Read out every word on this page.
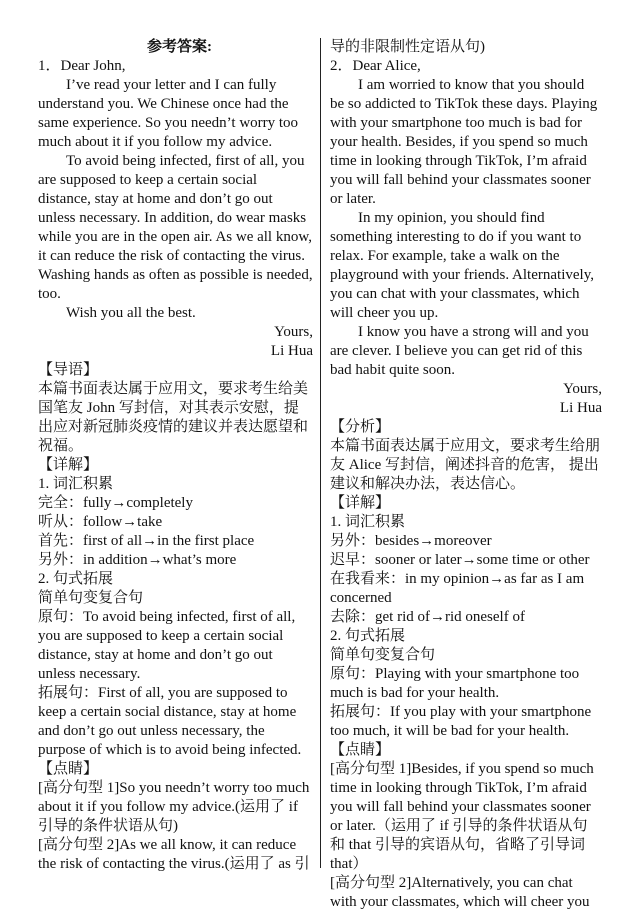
参考答案:

1．Dear John,

I’ve read your letter and I can fully understand you. We Chinese once had the same experience. So you needn’t worry too much about it if you follow my advice.

To avoid being infected, first of all, you are supposed to keep a certain social distance, stay at home and don’t go out unless necessary. In addition, do wear masks while you are in the open air. As we all know, it can reduce the risk of contacting the virus. Washing hands as often as possible is needed, too.

Wish you all the best.

Yours,

Li Hua

【导语】

本篇书面表达属于应用文，要求考生给美国笔友 John 写封信，对其表示安慰，提出应对新冠肺炎疫情的建议并表达愿望和祝福。

【详解】

1. 词汇积累

完全：fully→completely

听从：follow→take

首先：first of all→in the first place

另外：in addition→what’s more

2. 句式拓展

简单句变复合句

原句：To avoid being infected, first of all, you are supposed to keep a certain social distance, stay at home and don’t go out unless necessary.

拓展句：First of all, you are supposed to keep a certain social distance, stay at home and don’t go out unless necessary, the purpose of which is to avoid being infected.

【点睛】

[高分句型 1]So you needn’t worry too much about it if you follow my advice.(运用了 if 引导的条件状语从句)

[高分句型 2]As we all know, it can reduce the risk of contacting the virus.(运用了 as 引

导的非限制性定语从句)

2．Dear Alice,

I am worried to know that you should be so addicted to TikTok these days. Playing with your smartphone too much is bad for your health. Besides, if you spend so much time in looking through TikTok, I’m afraid you will fall behind your classmates sooner or later.

In my opinion, you should find something interesting to do if you want to relax. For example, take a walk on the playground with your friends. Alternatively, you can chat with your classmates, which will cheer you up.

I know you have a strong will and you are clever. I believe you can get rid of this bad habit quite soon.

Yours,

Li Hua

【分析】

本篇书面表达属于应用文，要求考生给朋友 Alice 写封信，阐述抖音的危害， 提出建议和解决办法，表达信心。

【详解】

1. 词汇积累

另外：besides→moreover

迟早：sooner or later→some time or other

在我看来：in my opinion→as far as I am concerned

去除：get rid of→rid oneself of

2. 句式拓展

简单句变复合句

原句：Playing with your smartphone too much is bad for your health.

拓展句：If you play with your smartphone too much, it will be bad for your health.

【点睛】

[高分句型 1]Besides, if you spend so much time in looking through TikTok, I’m afraid you will fall behind your classmates sooner or later.（运用了 if 引导的条件状语从句和 that 引导的宾语从句，省略了引导词 that）

[高分句型 2]Alternatively, you can chat with your classmates, which will cheer you
